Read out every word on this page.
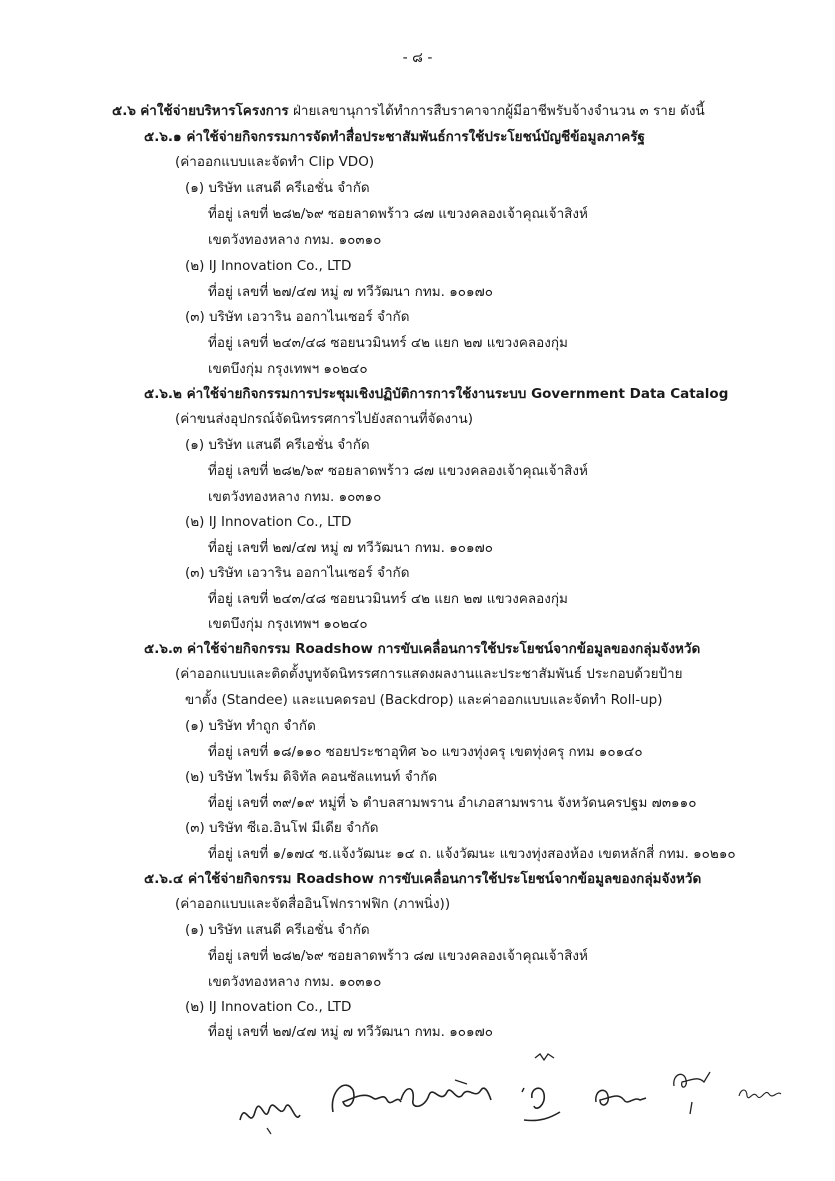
- ๘ -
๕.๖ ค่าใช้จ่ายบริหารโครงการ ฝ่ายเลขานุการได้ทำการสืบราคาจากผู้มีอาชีพรับจ้างจำนวน ๓ ราย ดังนี้
๕.๖.๑ ค่าใช้จ่ายกิจกรรมการจัดทำสื่อประชาสัมพันธ์การใช้ประโยชน์บัญชีข้อมูลภาครัฐ
(ค่าออกแบบและจัดทำ Clip VDO)
(๑) บริษัท แสนดี ครีเอชั่น จำกัด
ที่อยู่ เลขที่ ๒๘๒/๖๙ ซอยลาดพร้าว ๘๗ แขวงคลองเจ้าคุณเจ้าสิงห์
เขตวังทองหลาง กทม. ๑๐๓๑๐
(๒) IJ Innovation Co., LTD
ที่อยู่ เลขที่ ๒๗/๔๗ หมู่ ๗ ทวีวัฒนา กทม. ๑๐๑๗๐
(๓) บริษัท เอวาริน ออกาไนเซอร์ จำกัด
ที่อยู่ เลขที่ ๒๔๓/๔๘ ซอยนวมินทร์ ๔๒ แยก ๒๗ แขวงคลองกุ่ม
เขตบึงกุ่ม กรุงเทพฯ ๑๐๒๔๐
๕.๖.๒ ค่าใช้จ่ายกิจกรรมการประชุมเชิงปฏิบัติการการใช้งานระบบ Government Data Catalog
(ค่าขนส่งอุปกรณ์จัดนิทรรศการไปยังสถานที่จัดงาน)
(๑) บริษัท แสนดี ครีเอชั่น จำกัด
ที่อยู่ เลขที่ ๒๘๒/๖๙ ซอยลาดพร้าว ๘๗ แขวงคลองเจ้าคุณเจ้าสิงห์
เขตวังทองหลาง กทม. ๑๐๓๑๐
(๒) IJ Innovation Co., LTD
ที่อยู่ เลขที่ ๒๗/๔๗ หมู่ ๗ ทวีวัฒนา กทม. ๑๐๑๗๐
(๓) บริษัท เอวาริน ออกาไนเซอร์ จำกัด
ที่อยู่ เลขที่ ๒๔๓/๔๘ ซอยนวมินทร์ ๔๒ แยก ๒๗ แขวงคลองกุ่ม
เขตบึงกุ่ม กรุงเทพฯ ๑๐๒๔๐
๕.๖.๓ ค่าใช้จ่ายกิจกรรม Roadshow การขับเคลื่อนการใช้ประโยชน์จากข้อมูลของกลุ่มจังหวัด
(ค่าออกแบบและติดตั้งบูทจัดนิทรรศการแสดงผลงานและประชาสัมพันธ์ ประกอบด้วยป้าย
ขาตั้ง (Standee) และแบคดรอป (Backdrop) และค่าออกแบบและจัดทำ Roll-up)
(๑) บริษัท ทำถูก จำกัด
ที่อยู่ เลขที่ ๑๘/๑๑๐ ซอยประชาอุทิศ ๖๐ แขวงทุ่งครุ เขตทุ่งครุ กทม ๑๐๑๔๐
(๒) บริษัท ไพร์ม ดิจิทัล คอนซัลแทนท์ จำกัด
ที่อยู่ เลขที่ ๓๙/๑๙ หมู่ที่ ๖ ตำบลสามพราน อำเภอสามพราน จังหวัดนครปฐม ๗๓๑๑๐
(๓) บริษัท ซีเอ.อินโฟ มีเดีย จำกัด
ที่อยู่ เลขที่ ๑/๑๗๔ ซ.แจ้งวัฒนะ ๑๔ ถ. แจ้งวัฒนะ แขวงทุ่งสองห้อง เขตหลักสี่ กทม. ๑๐๒๑๐
๕.๖.๔ ค่าใช้จ่ายกิจกรรม Roadshow การขับเคลื่อนการใช้ประโยชน์จากข้อมูลของกลุ่มจังหวัด
(ค่าออกแบบและจัดสื่ออินโฟกราฟฟิก (ภาพนิ่ง))
(๑) บริษัท แสนดี ครีเอชั่น จำกัด
ที่อยู่ เลขที่ ๒๘๒/๖๙ ซอยลาดพร้าว ๘๗ แขวงคลองเจ้าคุณเจ้าสิงห์
เขตวังทองหลาง กทม. ๑๐๓๑๐
(๒) IJ Innovation Co., LTD
ที่อยู่ เลขที่ ๒๗/๔๗ หมู่ ๗ ทวีวัฒนา กทม. ๑๐๑๗๐
